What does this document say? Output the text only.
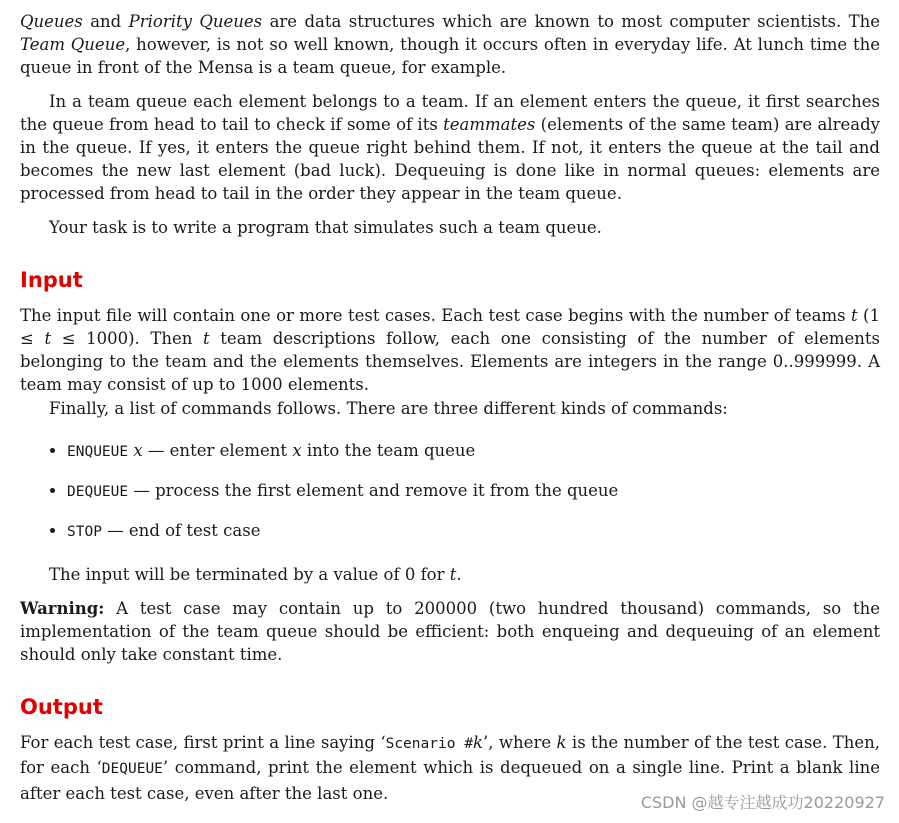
Queues and Priority Queues are data structures which are known to most computer scientists. The Team Queue, however, is not so well known, though it occurs often in everyday life. At lunch time the queue in front of the Mensa is a team queue, for example.

In a team queue each element belongs to a team. If an element enters the queue, it first searches the queue from head to tail to check if some of its teammates (elements of the same team) are already in the queue. If yes, it enters the queue right behind them. If not, it enters the queue at the tail and becomes the new last element (bad luck). Dequeuing is done like in normal queues: elements are processed from head to tail in the order they appear in the team queue.

Your task is to write a program that simulates such a team queue.

Input

The input file will contain one or more test cases. Each test case begins with the number of teams t (1 ≤ t ≤ 1000). Then t team descriptions follow, each one consisting of the number of elements belonging to the team and the elements themselves. Elements are integers in the range 0..999999. A team may consist of up to 1000 elements.

Finally, a list of commands follows. There are three different kinds of commands:

• ENQUEUE x — enter element x into the team queue
• DEQUEUE — process the first element and remove it from the queue
• STOP — end of test case

The input will be terminated by a value of 0 for t.

Warning: A test case may contain up to 200000 (two hundred thousand) commands, so the implementation of the team queue should be efficient: both enqueing and dequeuing of an element should only take constant time.

Output

For each test case, first print a line saying ‘Scenario #k’, where k is the number of the test case. Then, for each ‘DEQUEUE’ command, print the element which is dequeued on a single line. Print a blank line after each test case, even after the last one.	CSDN @越专注越成功20220927
